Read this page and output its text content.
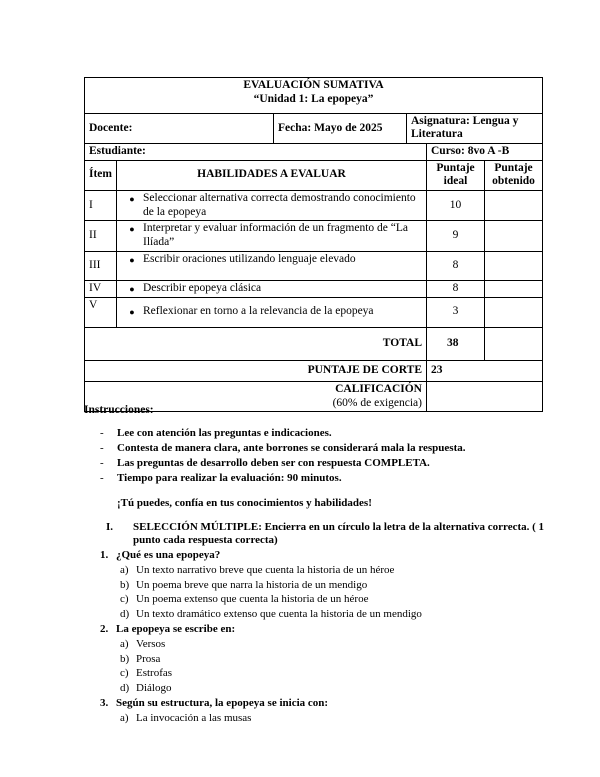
EVALUACIÓN SUMATIVA
“Unidad 1: La epopeya”					

Docente:		Fecha: Mayo de 2025	Asignatura: Lengua y Literatura		
Estudiante:				Curso: 8vo A -B	
Ítem	HABILIDADES A EVALUAR			Puntaje ideal	Puntaje obtenido
I	● Seleccionar alternativa correcta demostrando conocimiento de la epopeya			10	
II	● Interpretar y evaluar información de un fragmento de “La Ilíada”			9	
III	● Escribir oraciones utilizando lenguaje elevado			8	
IV	● Describir epopeya clásica			8	
V	● Reflexionar en torno a la relevancia de la epopeya			3	
TOTAL				38	
PUNTAJE DE CORTE				23	

CALIFICACIÓN
(60% de exigencia)					

Instrucciones:
-	Lee con atención las preguntas e indicaciones.
-	Contesta de manera clara, ante borrones se considerará mala la respuesta.
-	Las preguntas de desarrollo deben ser con respuesta COMPLETA.
-	Tiempo para realizar la evaluación: 90 minutos.
¡Tú puedes, confía en tus conocimientos y habilidades!
I.	SELECCIÓN MÚLTIPLE: Encierra en un círculo la letra de la alternativa correcta. ( 1 punto cada respuesta correcta)
1. ¿Qué es una epopeya?
a) Un texto narrativo breve que cuenta la historia de un héroe
b) Un poema breve que narra la historia de un mendigo
c) Un poema extenso que cuenta la historia de un héroe
d) Un texto dramático extenso que cuenta la historia de un mendigo
2. La epopeya se escribe en:
a) Versos
b) Prosa
c) Estrofas
d) Diálogo
3. Según su estructura, la epopeya se inicia con:
a) La invocación a las musas
